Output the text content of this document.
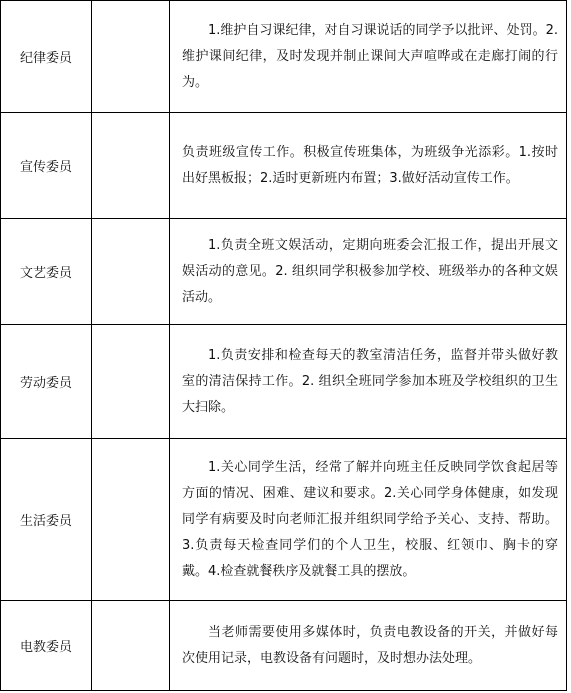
纪律委员		1.维护自习课纪律，对自习课说话的同学予以批评、处罚。2.维护课间纪律，及时发现并制止课间大声喧哗或在走廊打闹的行为。

宣传委员		负责班级宣传工作。积极宣传班集体，为班级争光添彩。1.按时出好黑板报；2.适时更新班内布置；3.做好活动宣传工作。
文艺委员		1.负责全班文娱活动，定期向班委会汇报工作，提出开展文娱活动的意见。2. 组织同学积极参加学校、班级举办的各种文娱活动。

劳动委员		1.负责安排和检查每天的教室清洁任务，监督并带头做好教室的清洁保持工作。2. 组织全班同学参加本班及学校组织的卫生大扫除。

生活委员		1.关心同学生活，经常了解并向班主任反映同学饮食起居等方面的情况、困难、建议和要求。2.关心同学身体健康，如发现同学有病要及时向老师汇报并组织同学给予关心、支持、帮助。3.负责每天检查同学们的个人卫生，校服、红领巾、胸卡的穿戴。4.检查就餐秩序及就餐工具的摆放。

电教委员		当老师需要使用多媒体时，负责电教设备的开关，并做好每次使用记录，电教设备有问题时，及时想办法处理。
